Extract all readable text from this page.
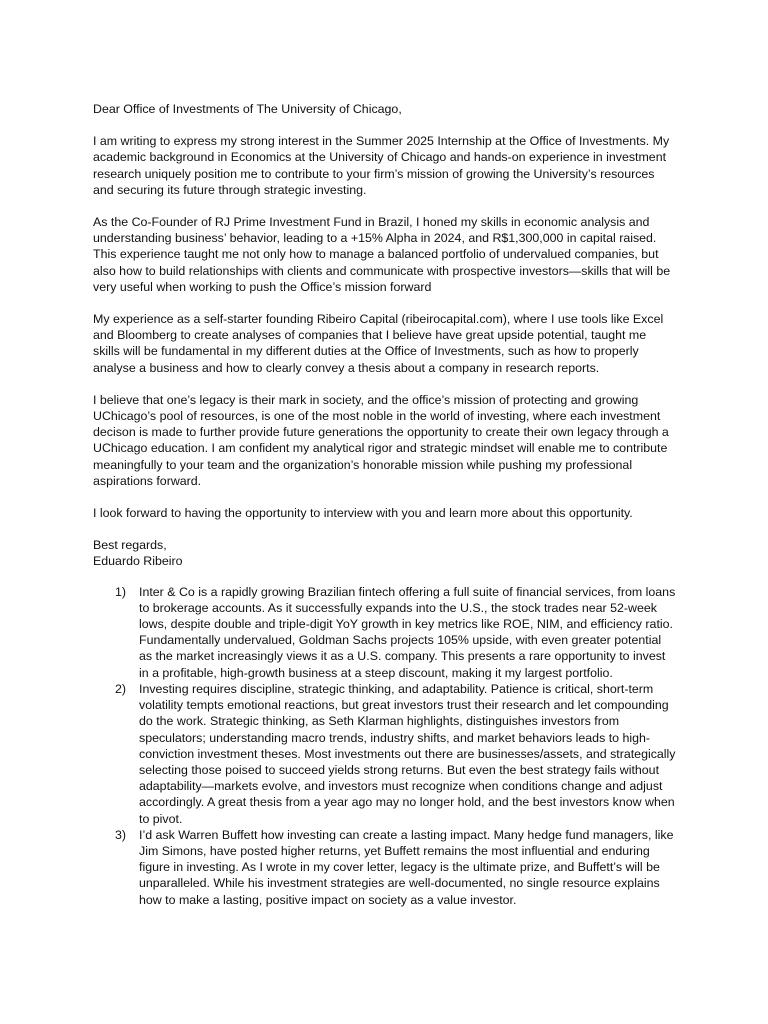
Dear Office of Investments of The University of Chicago,

I am writing to express my strong interest in the Summer 2025 Internship at the Office of Investments. My academic background in Economics at the University of Chicago and hands-on experience in investment research uniquely position me to contribute to your firm’s mission of growing the University’s resources and securing its future through strategic investing.

As the Co-Founder of RJ Prime Investment Fund in Brazil, I honed my skills in economic analysis and understanding business’ behavior, leading to a +15% Alpha in 2024, and R$1,300,000 in capital raised. This experience taught me not only how to manage a balanced portfolio of undervalued companies, but also how to build relationships with clients and communicate with prospective investors—skills that will be very useful when working to push the Office’s mission forward

My experience as a self-starter founding Ribeiro Capital (ribeirocapital.com), where I use tools like Excel and Bloomberg to create analyses of companies that I believe have great upside potential, taught me skills will be fundamental in my different duties at the Office of Investments, such as how to properly analyse a business and how to clearly convey a thesis about a company in research reports.

I believe that one’s legacy is their mark in society, and the office’s mission of protecting and growing UChicago’s pool of resources, is one of the most noble in the world of investing, where each investment decison is made to further provide future generations the opportunity to create their own legacy through a UChicago education. I am confident my analytical rigor and strategic mindset will enable me to contribute meaningfully to your team and the organization’s honorable mission while pushing my professional aspirations forward.

I look forward to having the opportunity to interview with you and learn more about this opportunity.

Best regards,
Eduardo Ribeiro
1) Inter & Co is a rapidly growing Brazilian fintech offering a full suite of financial services, from loans to brokerage accounts. As it successfully expands into the U.S., the stock trades near 52-week lows, despite double and triple-digit YoY growth in key metrics like ROE, NIM, and efficiency ratio. Fundamentally undervalued, Goldman Sachs projects 105% upside, with even greater potential as the market increasingly views it as a U.S. company. This presents a rare opportunity to invest in a profitable, high-growth business at a steep discount, making it my largest portfolio.
2) Investing requires discipline, strategic thinking, and adaptability. Patience is critical, short-term volatility tempts emotional reactions, but great investors trust their research and let compounding do the work. Strategic thinking, as Seth Klarman highlights, distinguishes investors from speculators; understanding macro trends, industry shifts, and market behaviors leads to high-conviction investment theses. Most investments out there are businesses/assets, and strategically selecting those poised to succeed yields strong returns. But even the best strategy fails without adaptability—markets evolve, and investors must recognize when conditions change and adjust accordingly. A great thesis from a year ago may no longer hold, and the best investors know when to pivot.
3) I’d ask Warren Buffett how investing can create a lasting impact. Many hedge fund managers, like Jim Simons, have posted higher returns, yet Buffett remains the most influential and enduring figure in investing. As I wrote in my cover letter, legacy is the ultimate prize, and Buffett’s will be unparalleled. While his investment strategies are well-documented, no single resource explains how to make a lasting, positive impact on society as a value investor.
